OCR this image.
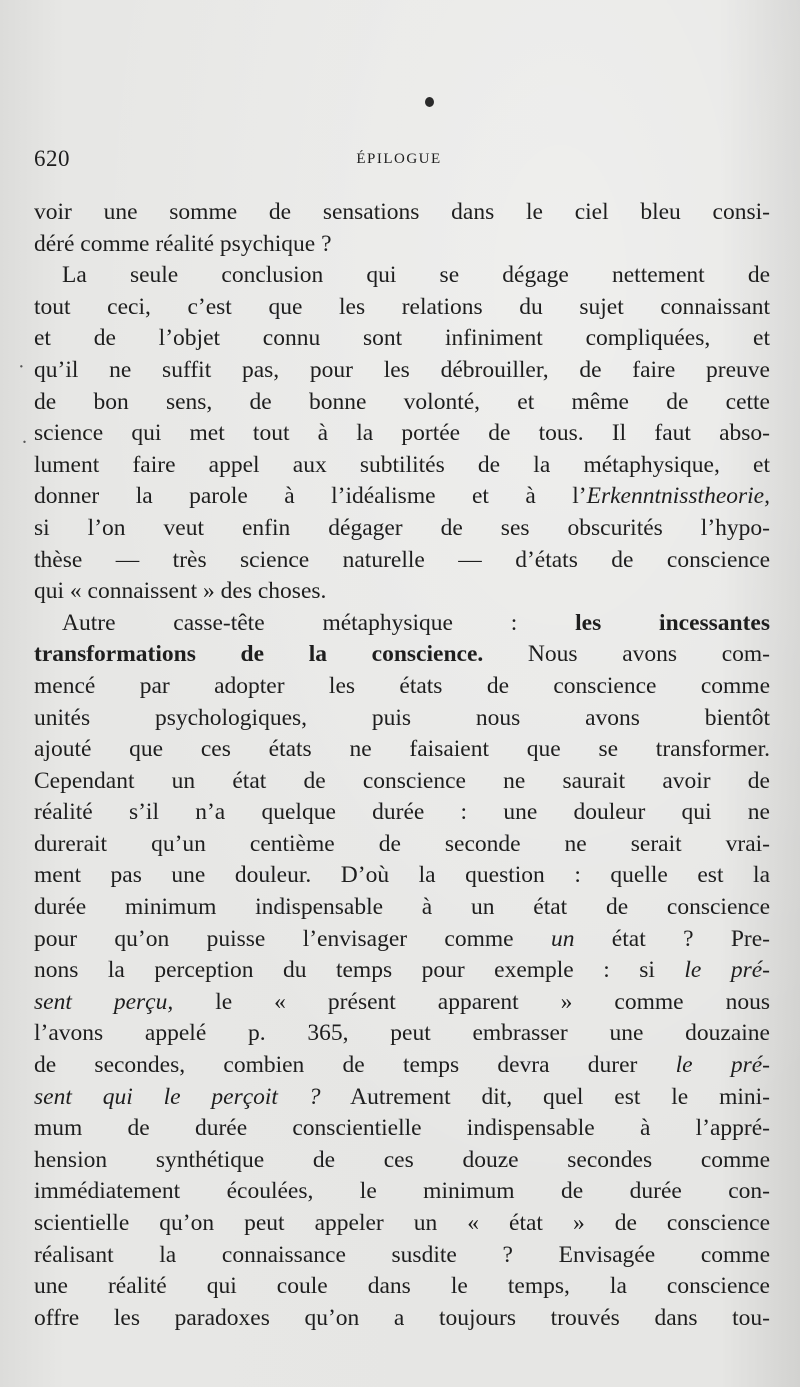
·
.
620	ÉPILOGUE

voir une somme de sensations dans le ciel bleu consi-
déré comme réalité psychique ?

La seule conclusion qui se dégage nettement de
tout ceci, c’est que les relations du sujet connaissant
et de l’objet connu sont infiniment compliquées, et
qu’il ne suffit pas, pour les débrouiller, de faire preuve
de bon sens, de bonne volonté, et même de cette
science qui met tout à la portée de tous. Il faut abso-
lument faire appel aux subtilités de la métaphysique, et
donner la parole à l’idéalisme et à l’Erkenntnisstheorie,
si l’on veut enfin dégager de ses obscurités l’hypo-
thèse — très science naturelle — d’états de conscience
qui « connaissent » des choses.

Autre casse-tête métaphysique : les incessantes
transformations de la conscience. Nous avons com-
mencé par adopter les états de conscience comme
unités psychologiques, puis nous avons bientôt
ajouté que ces états ne faisaient que se transformer.
Cependant un état de conscience ne saurait avoir de
réalité s’il n’a quelque durée : une douleur qui ne
durerait qu’un centième de seconde ne serait vrai-
ment pas une douleur. D’où la question : quelle est la
durée minimum indispensable à un état de conscience
pour qu’on puisse l’envisager comme un état ? Pre-
nons la perception du temps pour exemple : si le pré-
sent perçu, le « présent apparent » comme nous
l’avons appelé p. 365, peut embrasser une douzaine
de secondes, combien de temps devra durer le pré-
sent qui le perçoit ? Autrement dit, quel est le mini-
mum de durée conscientielle indispensable à l’appré-
hension synthétique de ces douze secondes comme
immédiatement écoulées, le minimum de durée con-
scientielle qu’on peut appeler un « état » de conscience
réalisant la connaissance susdite ? Envisagée comme
une réalité qui coule dans le temps, la conscience
offre les paradoxes qu’on a toujours trouvés dans tou-
